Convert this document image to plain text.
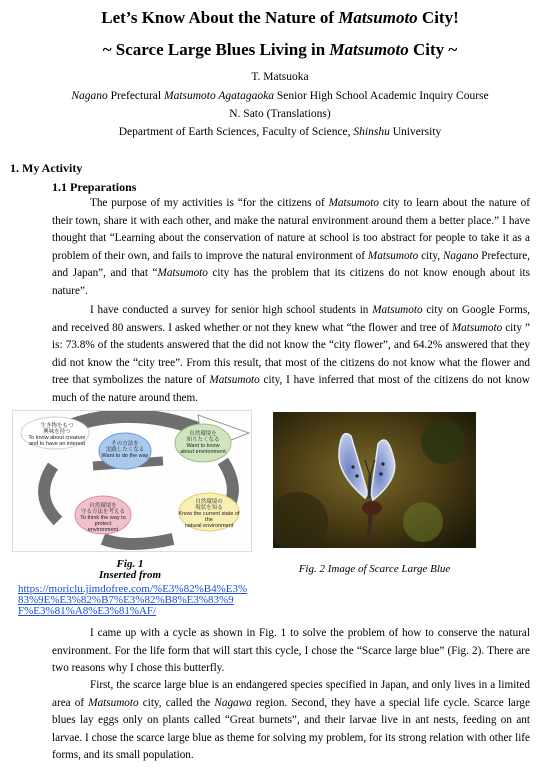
Let’s Know About the Nature of Matsumoto City!
~ Scarce Large Blues Living in Matsumoto City ~
T. Matsuoka
Nagano Prefectural Matsumoto Agatagaoka Senior High School Academic Inquiry Course
N. Sato (Translations)
Department of Earth Sciences, Faculty of Science, Shinshu University
1. My Activity
1.1 Preparations

The purpose of my activities is “for the citizens of Matsumoto city to learn about the nature of their town, share it with each other, and make the natural environment around them a better place.” I have thought that “Learning about the conservation of nature at school is too abstract for people to take it as a problem of their own, and fails to improve the natural environment of Matsumoto city, Nagano Prefecture, and Japan”, and that “Matsumoto city has the problem that its citizens do not know enough about its nature”.

I have conducted a survey for senior high school students in Matsumoto city on Google Forms, and received 80 answers. I asked whether or not they knew what “the flower and tree of Matsumoto city ” is: 73.8% of the students answered that the did not know the “city flower”, and 64.2% answered that they did not know the “city tree”. From this result, that most of the citizens do not know what the flower and tree that symbolizes the nature of Matsumoto city, I have inferred that most of the citizens do not know much of the nature around them.

生き物をもつ
興味を持つ
To know about creature
and to have an interest	その方法を
実践したくなる
Want to do the way
自然環境を
知りたくなる
Want to know
about environment
自然環境の
現状を知る
Know the current state of the
natural environment
自然環境を
守る方法を考える
To think the way to protect
environment
Fig. 1
Inserted from
https://moriclu.jimdofree.com/%E3%82%B4%E3%83%9E%E3%82%B7%E3%82%B8%E3%83%9F%E3%81%A8%E3%81%AF/
Fig. 2 Image of Scarce Large Blue

I came up with a cycle as shown in Fig. 1 to solve the problem of how to conserve the natural environment. For the life form that will start this cycle, I chose the “Scarce large blue” (Fig. 2). There are two reasons why I chose this butterfly.

First, the scarce large blue is an endangered species specified in Japan, and only lives in a limited area of Matsumoto city, called the Nagawa region. Second, they have a special life cycle. Scarce large blues lay eggs only on plants called “Great burnets”, and their larvae live in ant nests, feeding on ant larvae. I chose the scarce large blue as theme for solving my problem, for its strong relation with other life forms, and its small population.
